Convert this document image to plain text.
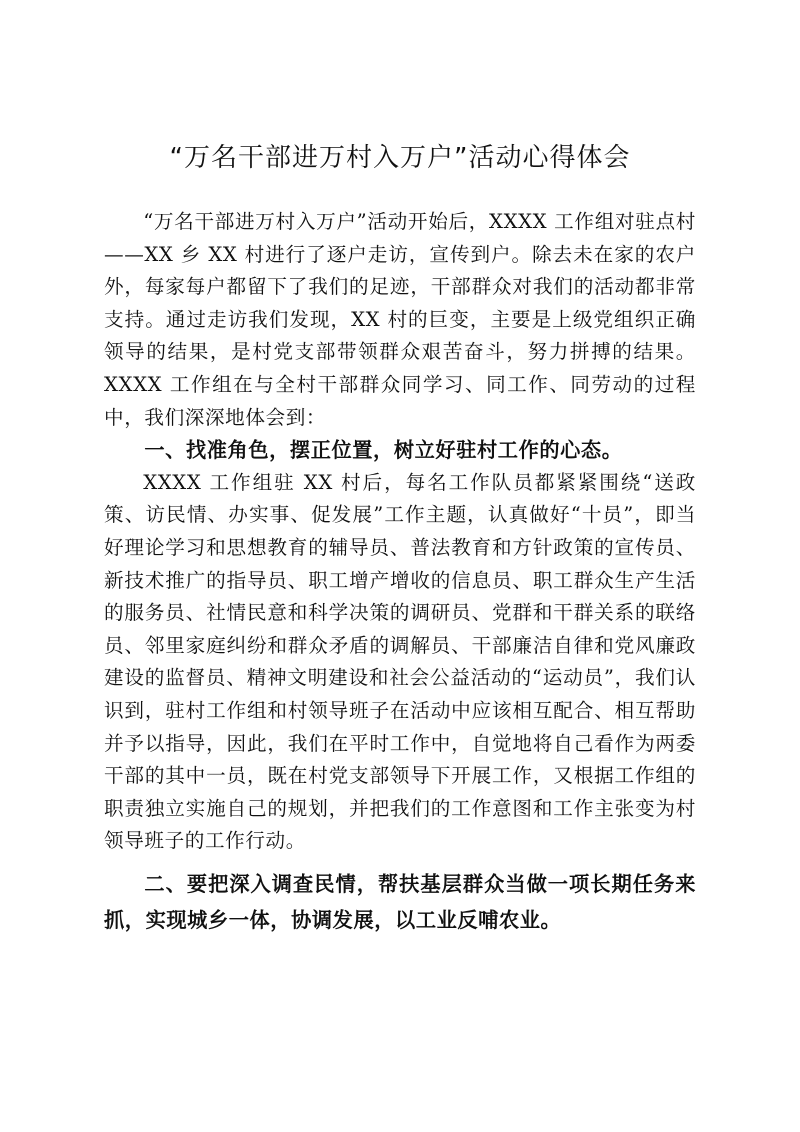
“万名干部进万村入万户”活动心得体会

“万名干部进万村入万户”活动开始后，XXXX 工作组对驻点村——XX 乡 XX 村进行了逐户走访，宣传到户。除去未在家的农户外，每家每户都留下了我们的足迹，干部群众对我们的活动都非常支持。通过走访我们发现，XX 村的巨变，主要是上级党组织正确领导的结果，是村党支部带领群众艰苦奋斗，努力拼搏的结果。XXXX 工作组在与全村干部群众同学习、同工作、同劳动的过程中，我们深深地体会到：

一、找准角色，摆正位置，树立好驻村工作的心态。

XXXX 工作组驻 XX 村后，每名工作队员都紧紧围绕“送政策、访民情、办实事、促发展”工作主题，认真做好“十员”，即当好理论学习和思想教育的辅导员、普法教育和方针政策的宣传员、新技术推广的指导员、职工增产增收的信息员、职工群众生产生活的服务员、社情民意和科学决策的调研员、党群和干群关系的联络员、邻里家庭纠纷和群众矛盾的调解员、干部廉洁自律和党风廉政建设的监督员、精神文明建设和社会公益活动的“运动员”，我们认识到，驻村工作组和村领导班子在活动中应该相互配合、相互帮助并予以指导，因此，我们在平时工作中，自觉地将自己看作为两委干部的其中一员，既在村党支部领导下开展工作，又根据工作组的职责独立实施自己的规划，并把我们的工作意图和工作主张变为村领导班子的工作行动。

二、要把深入调查民情，帮扶基层群众当做一项长期任务来抓，实现城乡一体，协调发展，以工业反哺农业。
